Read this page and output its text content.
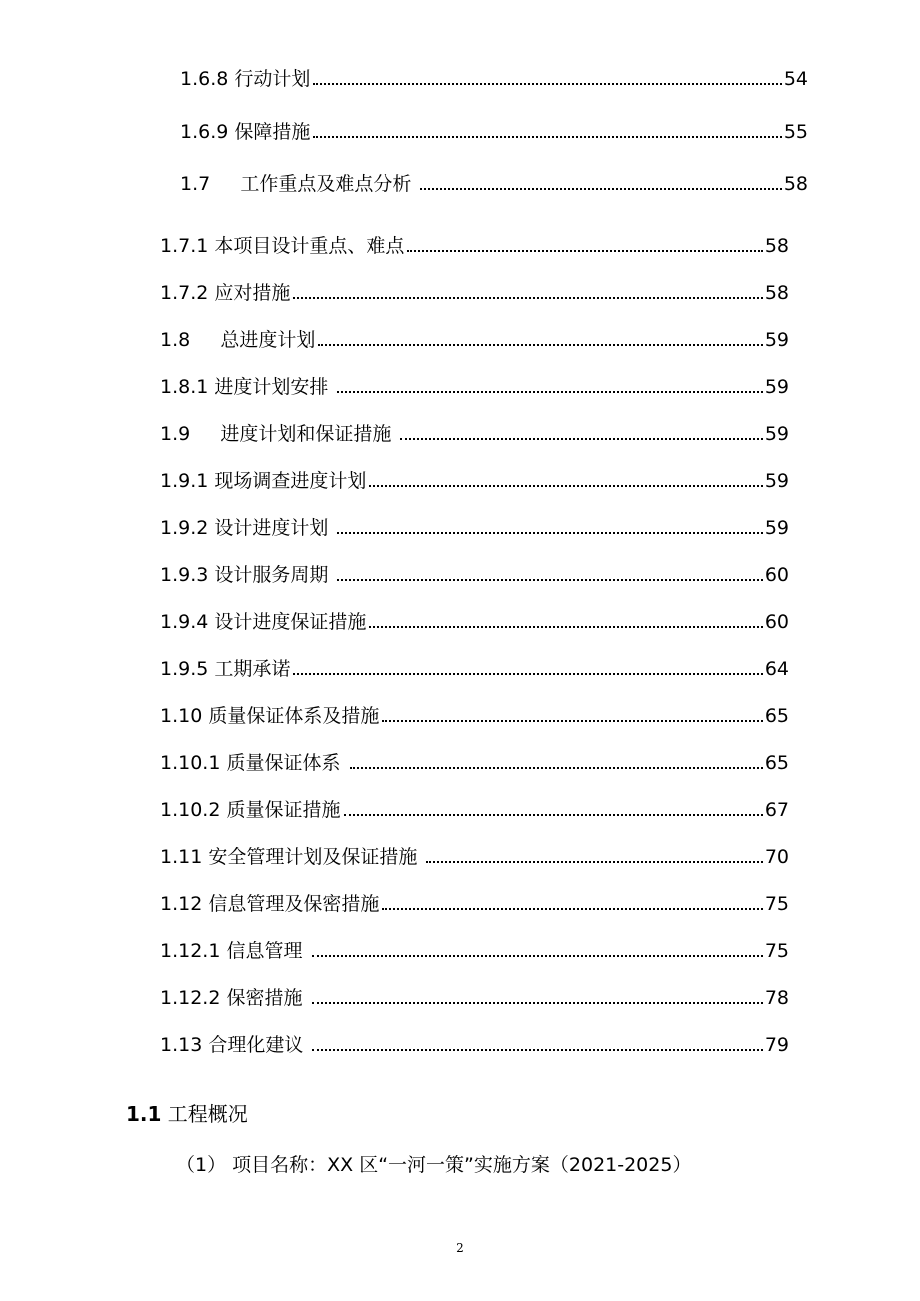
1.6.8 行动计划	54
1.6.9 保障措施	55
1.7 工作重点及难点分析	58
1.7.1 本项目设计重点、难点	58
1.7.2 应对措施	58
1.8 总进度计划	59
1.8.1 进度计划安排	59
1.9 进度计划和保证措施	59
1.9.1 现场调查进度计划	59
1.9.2 设计进度计划	59
1.9.3 设计服务周期	60
1.9.4 设计进度保证措施	60
1.9.5 工期承诺	64
1.10 质量保证体系及措施	65
1.10.1 质量保证体系	65
1.10.2 质量保证措施	67
1.11 安全管理计划及保证措施	70
1.12 信息管理及保密措施	75
1.12.1 信息管理	75
1.12.2 保密措施	78
1.13 合理化建议	79
1.1 工程概况
（1） 项目名称：XX 区“一河一策”实施方案（2021-2025）
2
